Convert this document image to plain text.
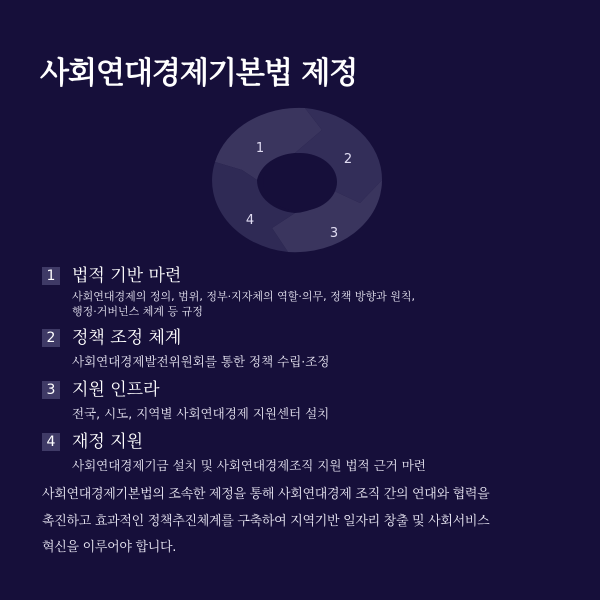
사회연대경제기본법 제정
1
2
3
4
1 법적 기반 마련
사회연대경제의 정의, 범위, 정부·지자체의 역할·의무, 정책 방향과 원칙,
행정·거버넌스 체계 등 규정
2 정책 조정 체계
사회연대경제발전위원회를 통한 정책 수립·조정
3 지원 인프라
전국, 시도, 지역별 사회연대경제 지원센터 설치
4 재정 지원
사회연대경제기금 설치 및 사회연대경제조직 지원 법적 근거 마련
사회연대경제기본법의 조속한 제정을 통해 사회연대경제 조직 간의 연대와 협력을
촉진하고 효과적인 정책추진체계를 구축하여 지역기반 일자리 창출 및 사회서비스
혁신을 이루어야 합니다.
